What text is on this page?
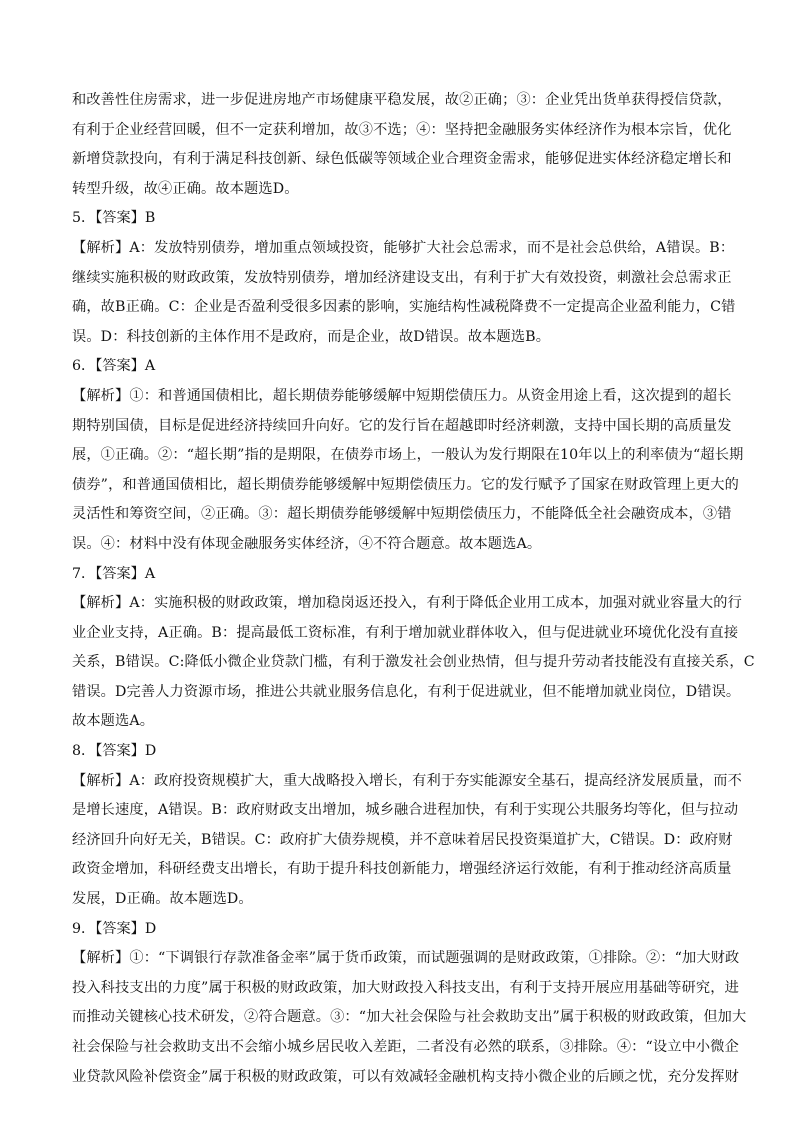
和改善性住房需求，进一步促进房地产市场健康平稳发展，故②正确；③：企业凭出货单获得授信贷款，
有利于企业经营回暖，但不一定获利增加，故③不选；④：坚持把金融服务实体经济作为根本宗旨，优化
新增贷款投向，有利于满足科技创新、绿色低碳等领域企业合理资金需求，能够促进实体经济稳定增长和
转型升级，故④正确。故本题选D。
5．【答案】B
【解析】A：发放特别债券，增加重点领域投资，能够扩大社会总需求，而不是社会总供给，A错误。B：
继续实施积极的财政政策，发放特别债券，增加经济建设支出，有利于扩大有效投资，刺激社会总需求正
确，故B正确。C：企业是否盈利受很多因素的影响，实施结构性减税降费不一定提高企业盈利能力，C错
误。D：科技创新的主体作用不是政府，而是企业，故D错误。故本题选B。
6．【答案】A
【解析】①：和普通国债相比，超长期债券能够缓解中短期偿债压力。从资金用途上看，这次提到的超长
期特别国债，目标是促进经济持续回升向好。它的发行旨在超越即时经济刺激，支持中国长期的高质量发
展，①正确。②：“超长期”指的是期限，在债券市场上，一般认为发行期限在10年以上的利率债为“超长期
债券”，和普通国债相比，超长期债券能够缓解中短期偿债压力。它的发行赋予了国家在财政管理上更大的
灵活性和筹资空间，②正确。③：超长期债券能够缓解中短期偿债压力，不能降低全社会融资成本，③错
误。④：材料中没有体现金融服务实体经济，④不符合题意。故本题选A。
7．【答案】A
【解析】A：实施积极的财政政策，增加稳岗返还投入，有利于降低企业用工成本，加强对就业容量大的行
业企业支持，A正确。B：提高最低工资标准，有利于增加就业群体收入，但与促进就业环境优化没有直接
关系，B错误。C:降低小微企业贷款门槛，有利于激发社会创业热情，但与提升劳动者技能没有直接关系，C
错误。D完善人力资源市场，推进公共就业服务信息化，有利于促进就业，但不能增加就业岗位，D错误。
故本题选A。
8．【答案】D
【解析】A：政府投资规模扩大，重大战略投入增长，有利于夯实能源安全基石，提高经济发展质量，而不
是增长速度，A错误。B：政府财政支出增加，城乡融合进程加快，有利于实现公共服务均等化，但与拉动
经济回升向好无关，B错误。C：政府扩大债券规模，并不意味着居民投资渠道扩大，C错误。D：政府财
政资金增加，科研经费支出增长，有助于提升科技创新能力，增强经济运行效能，有利于推动经济高质量
发展，D正确。故本题选D。
9．【答案】D
【解析】①：“下调银行存款准备金率”属于货币政策，而试题强调的是财政政策，①排除。②：“加大财政
投入科技支出的力度”属于积极的财政政策，加大财政投入科技支出，有利于支持开展应用基础等研究，进
而推动关键核心技术研发，②符合题意。③：“加大社会保险与社会救助支出”属于积极的财政政策，但加大
社会保险与社会救助支出不会缩小城乡居民收入差距，二者没有必然的联系，③排除。④：“设立中小微企
业贷款风险补偿资金”属于积极的财政政策，可以有效减轻金融机构支持小微企业的后顾之忧，充分发挥财
